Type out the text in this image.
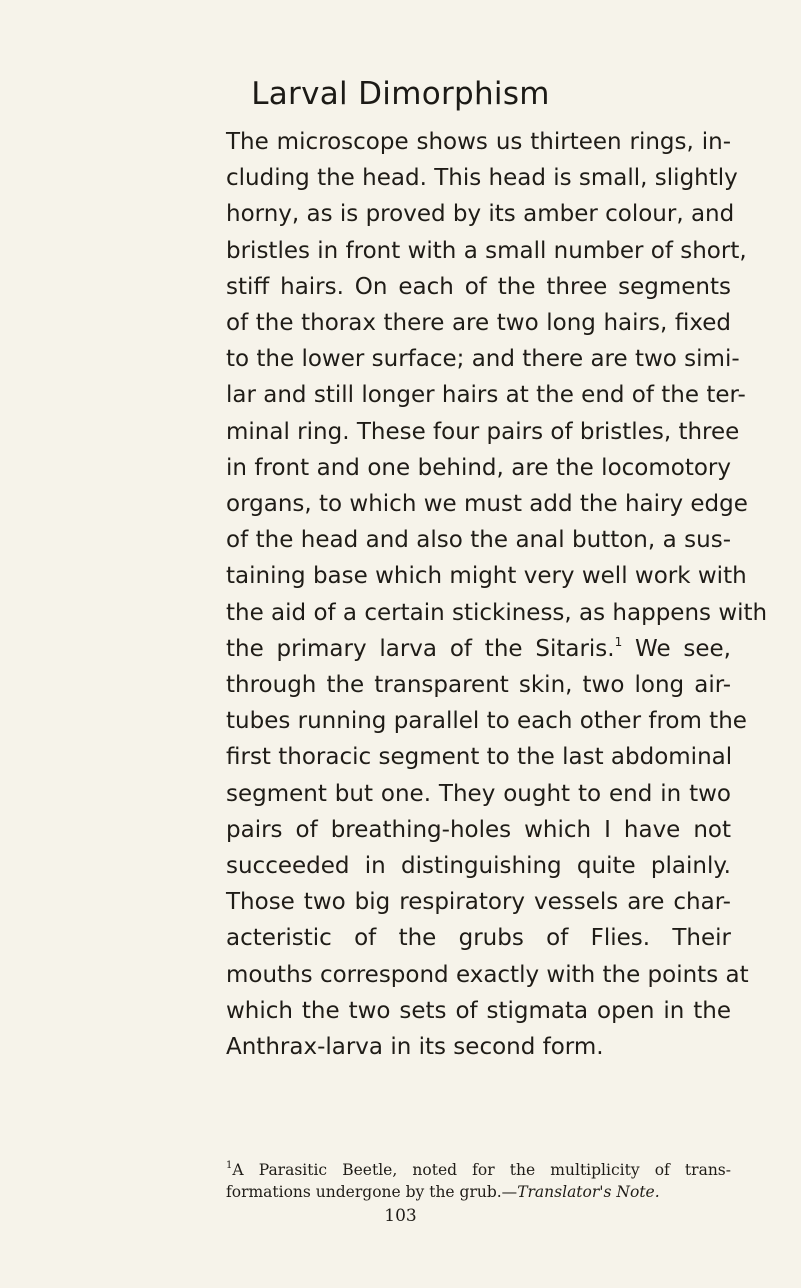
Larval Dimorphism
The microscope shows us thirteen rings, in-
cluding the head. This head is small, slightly
horny, as is proved by its amber colour, and
bristles in front with a small number of short,
stiff hairs. On each of the three segments
of the thorax there are two long hairs, fixed
to the lower surface; and there are two simi-
lar and still longer hairs at the end of the ter-
minal ring. These four pairs of bristles, three
in front and one behind, are the locomotory
organs, to which we must add the hairy edge
of the head and also the anal button, a sus-
taining base which might very well work with
the aid of a certain stickiness, as happens with
the primary larva of the Sitaris.$^1$ We see,
through the transparent skin, two long air-
tubes running parallel to each other from the
first thoracic segment to the last abdominal
segment but one. They ought to end in two
pairs of breathing-holes which I have not
succeeded in distinguishing quite plainly.
Those two big respiratory vessels are char-
acteristic of the grubs of Flies. Their
mouths correspond exactly with the points at
which the two sets of stigmata open in the
Anthrax-larva in its second form.
$^1$A Parasitic Beetle, noted for the multiplicity of trans-
formations undergone by the grub.—Translator's Note.
103
